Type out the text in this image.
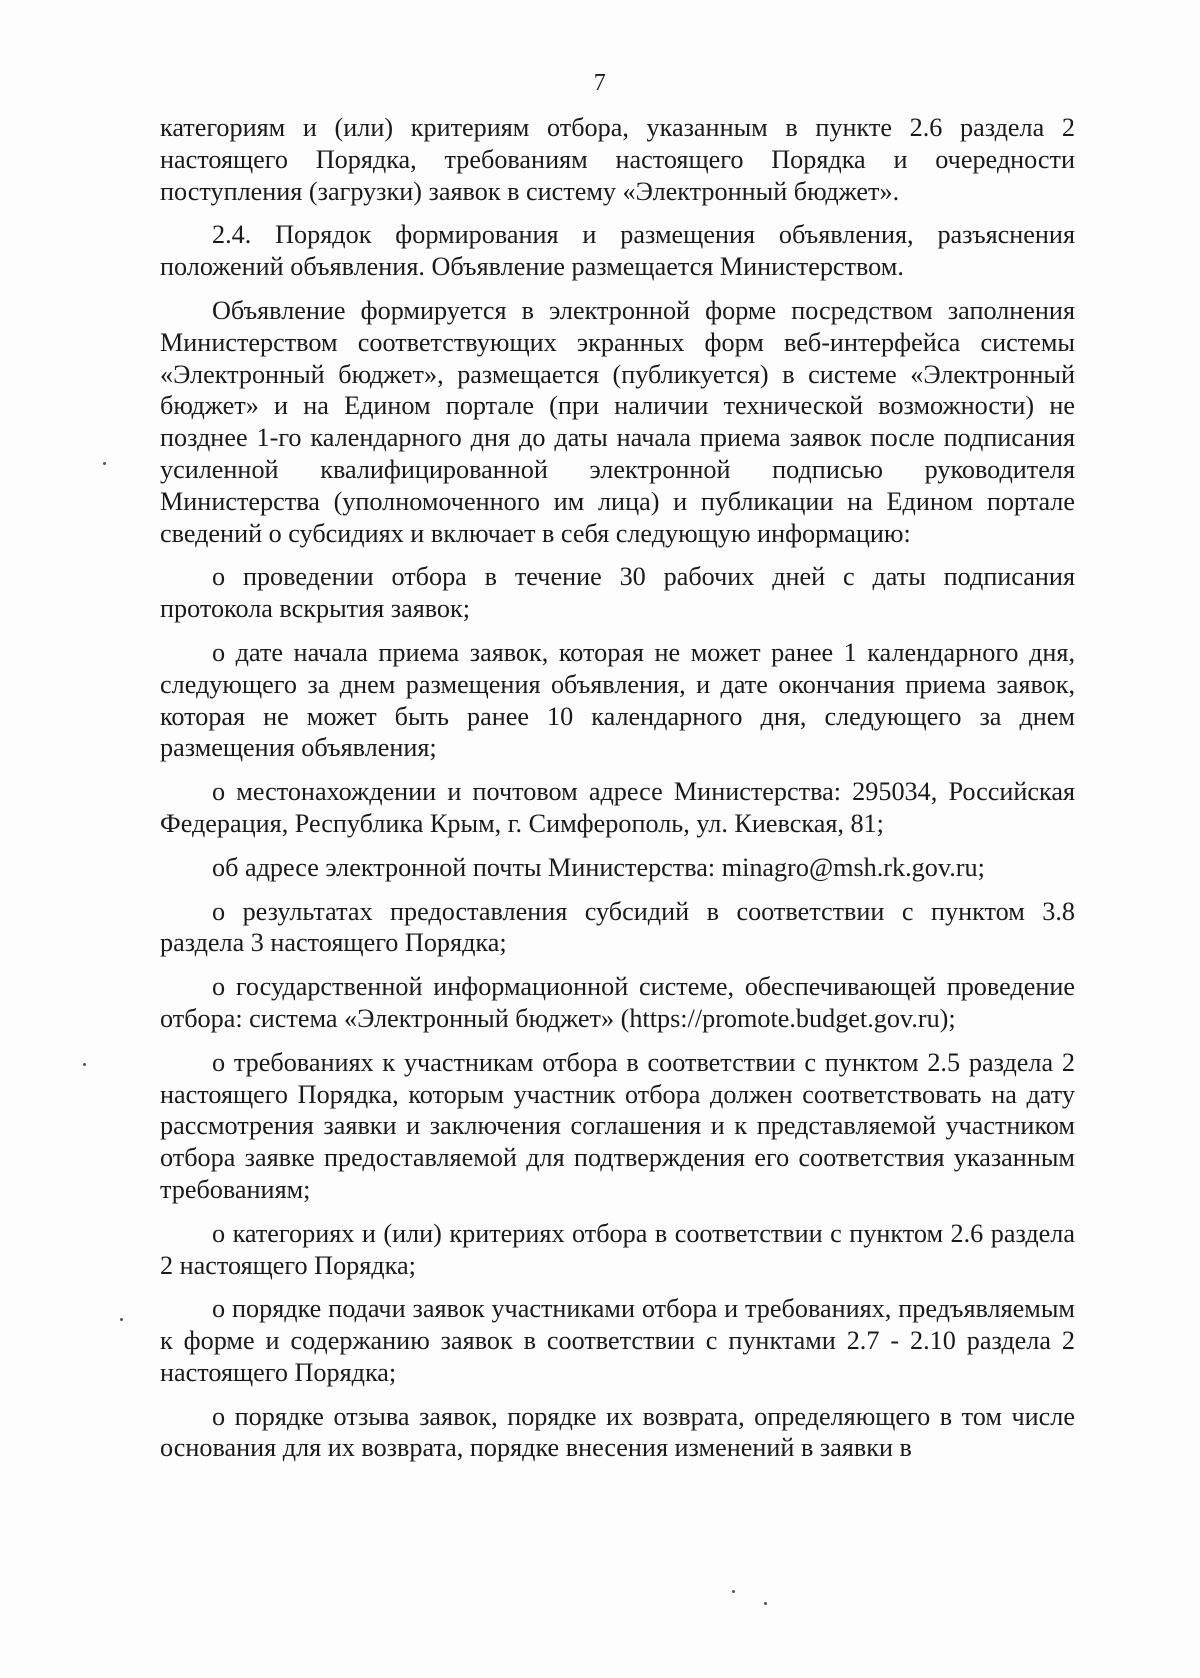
7

категориям и (или) критериям отбора, указанным в пункте 2.6 раздела 2 настоящего Порядка, требованиям настоящего Порядка и очередности поступления (загрузки) заявок в систему «Электронный бюджет».

2.4. Порядок формирования и размещения объявления, разъяснения положений объявления. Объявление размещается Министерством.

Объявление формируется в электронной форме посредством заполнения Министерством соответствующих экранных форм веб-интерфейса системы «Электронный бюджет», размещается (публикуется) в системе «Электронный бюджет» и на Едином портале (при наличии технической возможности) не позднее 1-го календарного дня до даты начала приема заявок после подписания усиленной квалифицированной электронной подписью руководителя Министерства (уполномоченного им лица) и публикации на Едином портале сведений о субсидиях и включает в себя следующую информацию:

о проведении отбора в течение 30 рабочих дней с даты подписания протокола вскрытия заявок;

о дате начала приема заявок, которая не может ранее 1 календарного дня, следующего за днем размещения объявления, и дате окончания приема заявок, которая не может быть ранее 10 календарного дня, следующего за днем размещения объявления;

о местонахождении и почтовом адресе Министерства: 295034, Российская Федерация, Республика Крым, г. Симферополь, ул. Киевская, 81;

об адресе электронной почты Министерства: minagro@msh.rk.gov.ru;

о результатах предоставления субсидий в соответствии с пунктом 3.8 раздела 3 настоящего Порядка;

о государственной информационной системе, обеспечивающей проведение отбора: система «Электронный бюджет» (https://promote.budget.gov.ru);

о требованиях к участникам отбора в соответствии с пунктом 2.5 раздела 2 настоящего Порядка, которым участник отбора должен соответствовать на дату рассмотрения заявки и заключения соглашения и к представляемой участником отбора заявке предоставляемой для подтверждения его соответствия указанным требованиям;

о категориях и (или) критериях отбора в соответствии с пунктом 2.6 раздела 2 настоящего Порядка;

о порядке подачи заявок участниками отбора и требованиях, предъявляемым к форме и содержанию заявок в соответствии с пунктами 2.7 - 2.10 раздела 2 настоящего Порядка;

о порядке отзыва заявок, порядке их возврата, определяющего в том числе основания для их возврата, порядке внесения изменений в заявки в
